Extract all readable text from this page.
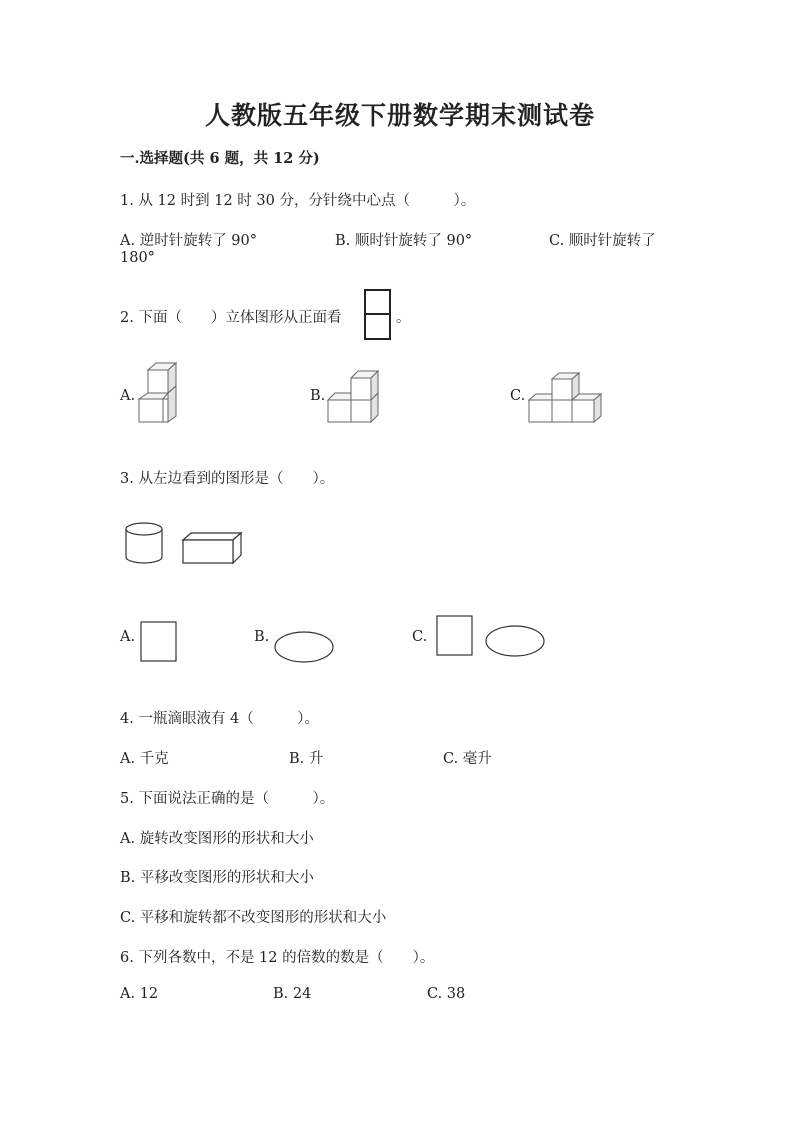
人教版五年级下册数学期末测试卷
一.选择题(共 6 题，共 12 分)
1. 从 12 时到 12 时 30 分，分针绕中心点（　　　）。
A. 逆时针旋转了 90°	B. 顺时针旋转了 90°	C. 顺时针旋转了
180°
2. 下面（　　）立体图形从正面看	。
A.	B.	C.
3. 从左边看到的图形是（　　）。
A.	B.	C.
4. 一瓶滴眼液有 4（　　　）。
A. 千克	B. 升	C. 毫升
5. 下面说法正确的是（　　　）。
A. 旋转改变图形的形状和大小
B. 平移改变图形的形状和大小
C. 平移和旋转都不改变图形的形状和大小
6. 下列各数中，不是 12 的倍数的数是（　　）。
A. 12	B. 24	C. 38
